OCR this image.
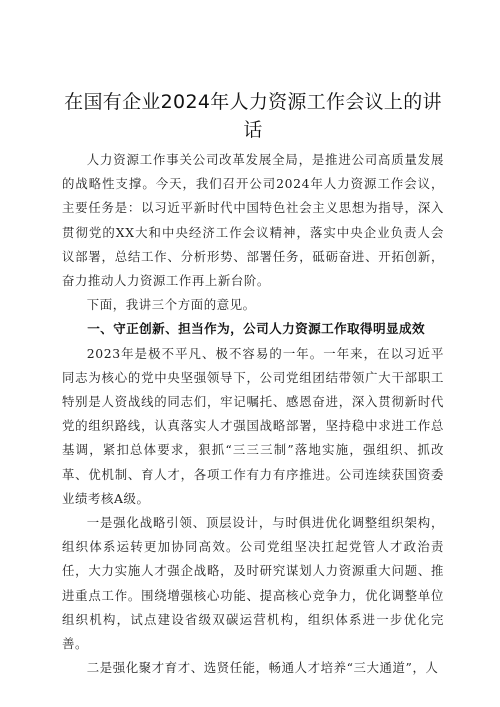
在国有企业2024年人力资源工作会议上的讲话

人力资源工作事关公司改革发展全局，是推进公司高质量发展的战略性支撑。今天，我们召开公司2024年人力资源工作会议，主要任务是：以习近平新时代中国特色社会主义思想为指导，深入贯彻党的XX大和中央经济工作会议精神，落实中央企业负责人会议部署，总结工作、分析形势、部署任务，砥砺奋进、开拓创新，奋力推动人力资源工作再上新台阶。

下面，我讲三个方面的意见。

一、守正创新、担当作为，公司人力资源工作取得明显成效

2023年是极不平凡、极不容易的一年。一年来，在以习近平同志为核心的党中央坚强领导下，公司党组团结带领广大干部职工特别是人资战线的同志们，牢记嘱托、感恩奋进，深入贯彻新时代党的组织路线，认真落实人才强国战略部署，坚持稳中求进工作总基调，紧扣总体要求，狠抓“三三三制”落地实施，强组织、抓改革、优机制、育人才，各项工作有力有序推进。公司连续获国资委业绩考核A级。

一是强化战略引领、顶层设计，与时俱进优化调整组织架构，组织体系运转更加协同高效。公司党组坚决扛起党管人才政治责任，大力实施人才强企战略，及时研究谋划人力资源重大问题、推进重点工作。围绕增强核心功能、提高核心竞争力，优化调整单位组织机构，试点建设省级双碳运营机构，组织体系进一步优化完善。

二是强化聚才育才、选贤任能，畅通人才培养“三大通道”，人
